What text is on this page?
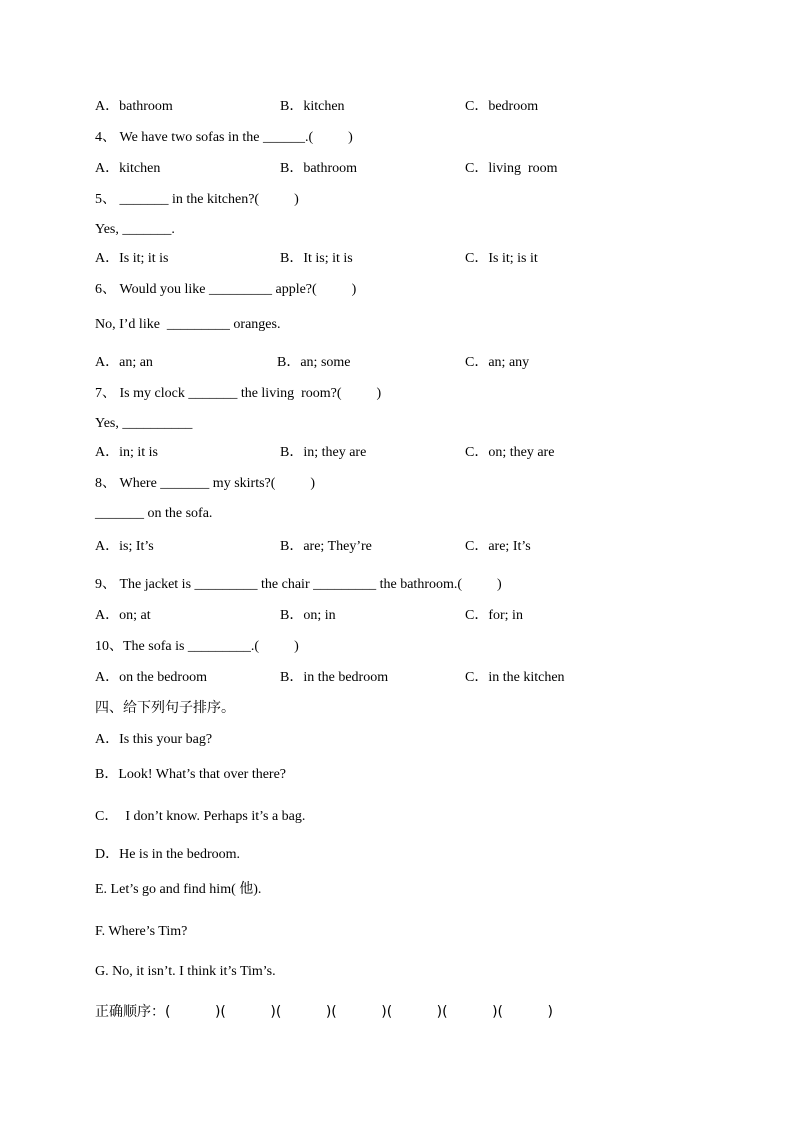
A．bathroom	B．kitchen	C．bedroom
4、 We have two sofas in the ______.(          )
A．kitchen	B．bathroom	C．living  room
5、 _______ in the kitchen?(          )
Yes, _______.
A．Is it; it is	B．It is; it is	C．Is it; is it
6、 Would you like _________ apple?(          )
No, I’d like  _________ oranges.
A．an; an	B．an; some	C．an; any
7、 Is my clock _______ the living  room?(          )
Yes, __________
A．in; it is	B．in; they are	C．on; they are
8、 Where _______ my skirts?(          )
_______ on the sofa.
A．is; It’s	B．are; They’re	C．are; It’s
9、 The jacket is _________ the chair _________ the bathroom.(          )
A．on; at	B．on; in	C．for; in
10、The sofa is _________.(          )
A．on the bedroom	B．in the bedroom	C．in the kitchen
四、给下列句子排序。
A．Is this your bag?
B．Look! What’s that over there?
C．  I don’t know. Perhaps it’s a bag.
D．He is in the bedroom.
E. Let’s go and find him( 他).
F. Where’s Tim?
G. No, it isn’t. I think it’s Tim’s.
正确顺序：(          )(          )(          )(          )(          )(          )(          )
